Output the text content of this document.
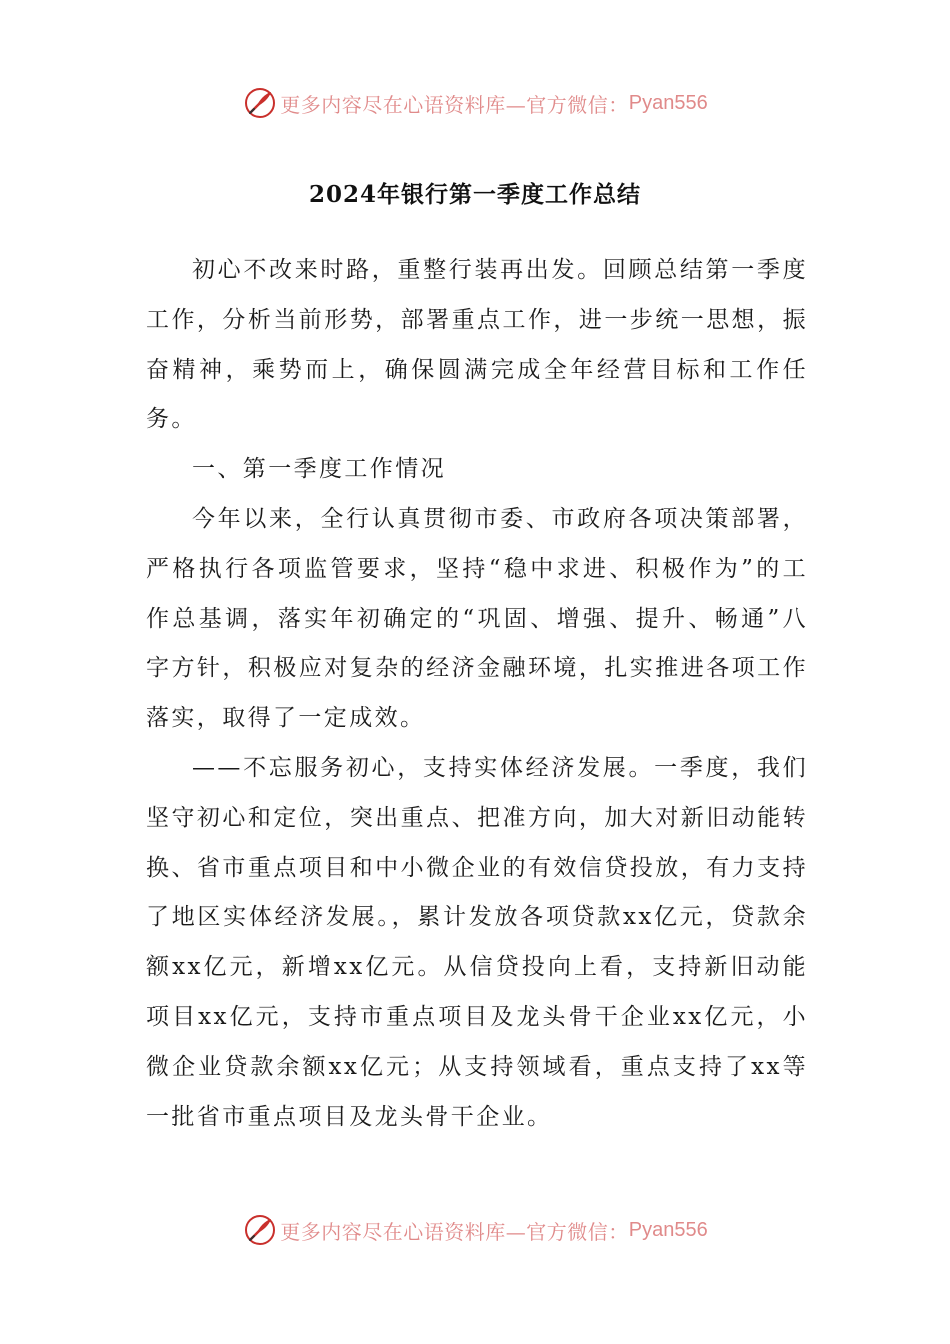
更多内容尽在心语资料库—官方微信： Pyan556
2024年银行第一季度工作总结

初心不改来时路，重整行装再出发。回顾总结第一季度工作，分析当前形势，部署重点工作，进一步统一思想，振奋精神，乘势而上，确保圆满完成全年经营目标和工作任务。

一、第一季度工作情况

今年以来，全行认真贯彻市委、市政府各项决策部署，严格执行各项监管要求，坚持“稳中求进、积极作为”的工作总基调，落实年初确定的“巩固、增强、提升、畅通”八字方针，积极应对复杂的经济金融环境，扎实推进各项工作落实，取得了一定成效。

——不忘服务初心，支持实体经济发展。一季度，我们坚守初心和定位，突出重点、把准方向，加大对新旧动能转换、省市重点项目和中小微企业的有效信贷投放，有力支持了地区实体经济发展。，累计发放各项贷款xx亿元，贷款余额xx亿元，新增xx亿元。从信贷投向上看，支持新旧动能项目xx亿元，支持市重点项目及龙头骨干企业xx亿元，小微企业贷款余额xx亿元；从支持领域看，重点支持了xx等一批省市重点项目及龙头骨干企业。

更多内容尽在心语资料库—官方微信： Pyan556
